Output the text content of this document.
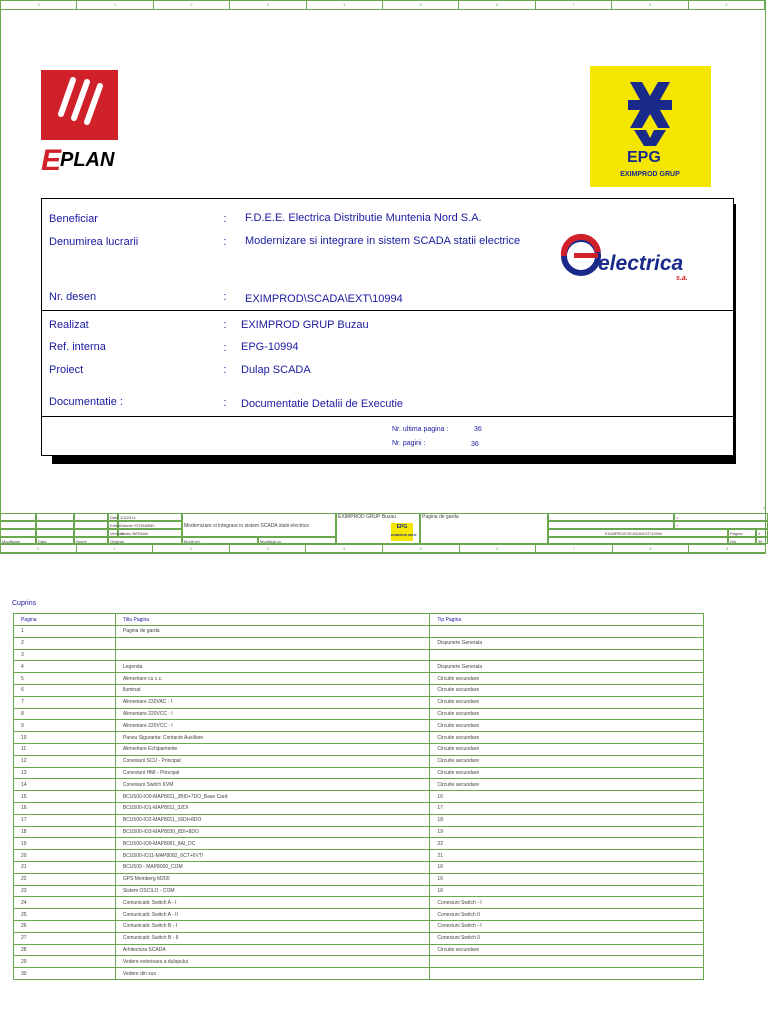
0	1	2	3	4	5	6	7	8	9
E
PLAN	EPG
EXIMPROD GRUP
Beneficiar	:	F.D.E.E. Electrica Distributie Muntenia Nord S.A.
Denumirea lucrarii	:	Modernizare si integrare in sistem SCADA statii electrice
Nr. desen	:	EXIMPROD\SCADA\EXT\10994
electrica
s.a.
Realizat	:	EXIMPROD GRUP Buzau
Ref. interna	:	EPG-10994
Proiect	:	Dulap SCADA
Documentatie :	:	Documentatie Detalii de Executie
Nr. ultima pagina :	36
Nr. pagini :	36
2
Modificare	Data	Nume
Data 1/3/2014
Editat Gabriel STRAMBEI
Verificat
Ovidiu BIRMAN
Original
Modernizare si integrare in sistem SCADA statii electrice
Modif.ref.	Modificat cu
EXIMPROD GRUP Buzau
EPG
EXIMPROD GRUP
Pagina de garda	=
+
EXIMPROD\SCADA\EXT\10994	Pagina	1
Din	36
0	1	2	3	4	5	6	7	8	9
Cuprins
Pagina	Titlu Pagina	Tip Pagina
1	Pagina de garda	
2		Dispunere Generala
3		
4	Legenda	Dispunere Generala
5	Alimentare cu c.c.	Circuite secundare
6	Iluminat	Circuite secundare
7	Alimentare 230VAC : I	Circuite secundare
8	Alimentare 220VCC : I	Circuite secundare
9	Alimentare 220VCC : I	Circuite secundare
10	Panou Siguranta: Contacte Auxiliare	Circuite secundare
11	Alimentare Echipamente	Circuite secundare
12	Conexiuni SCU - Principal	Circuite secundare
13	Conexiuni HMI - Principal	Circuite secundare
14	Conexiuni Switch KVM	Circuite secundare
15	BCU500-IO0-MAP8011_3BI0+7DO_Base Card	16
16	BCU500-IO1-MAP8011_32DI	17
17	BCU500-IO2-MAP8011_16DI+8DO	18
18	BCU500-IO3-MAP8030_8DI+8DO	19
19	BCU500-IO9-MAP8081_8AI_DC	22
20	BCU500-IO11-MAP8082_6CT+6VT!	21
21	BCU500 - MAP8000_COM	16
22	GPS Meinberg M200	16
23	Sistem OSCILO - COM	16
24	Comunicatii: Switch A - I	Conexiuni Switch - I
25	Comunicatii: Switch A - II	Conexiuni Switch II
26	Comunicatii: Switch B - I	Conexiuni Switch - I
27	Comunicatii: Switch B - II	Conexiuni Switch II
28	Arhitectura SCADA	Circuite secundare
29	Vedere exterioara a dulapului	
30	Vedere din sus	
